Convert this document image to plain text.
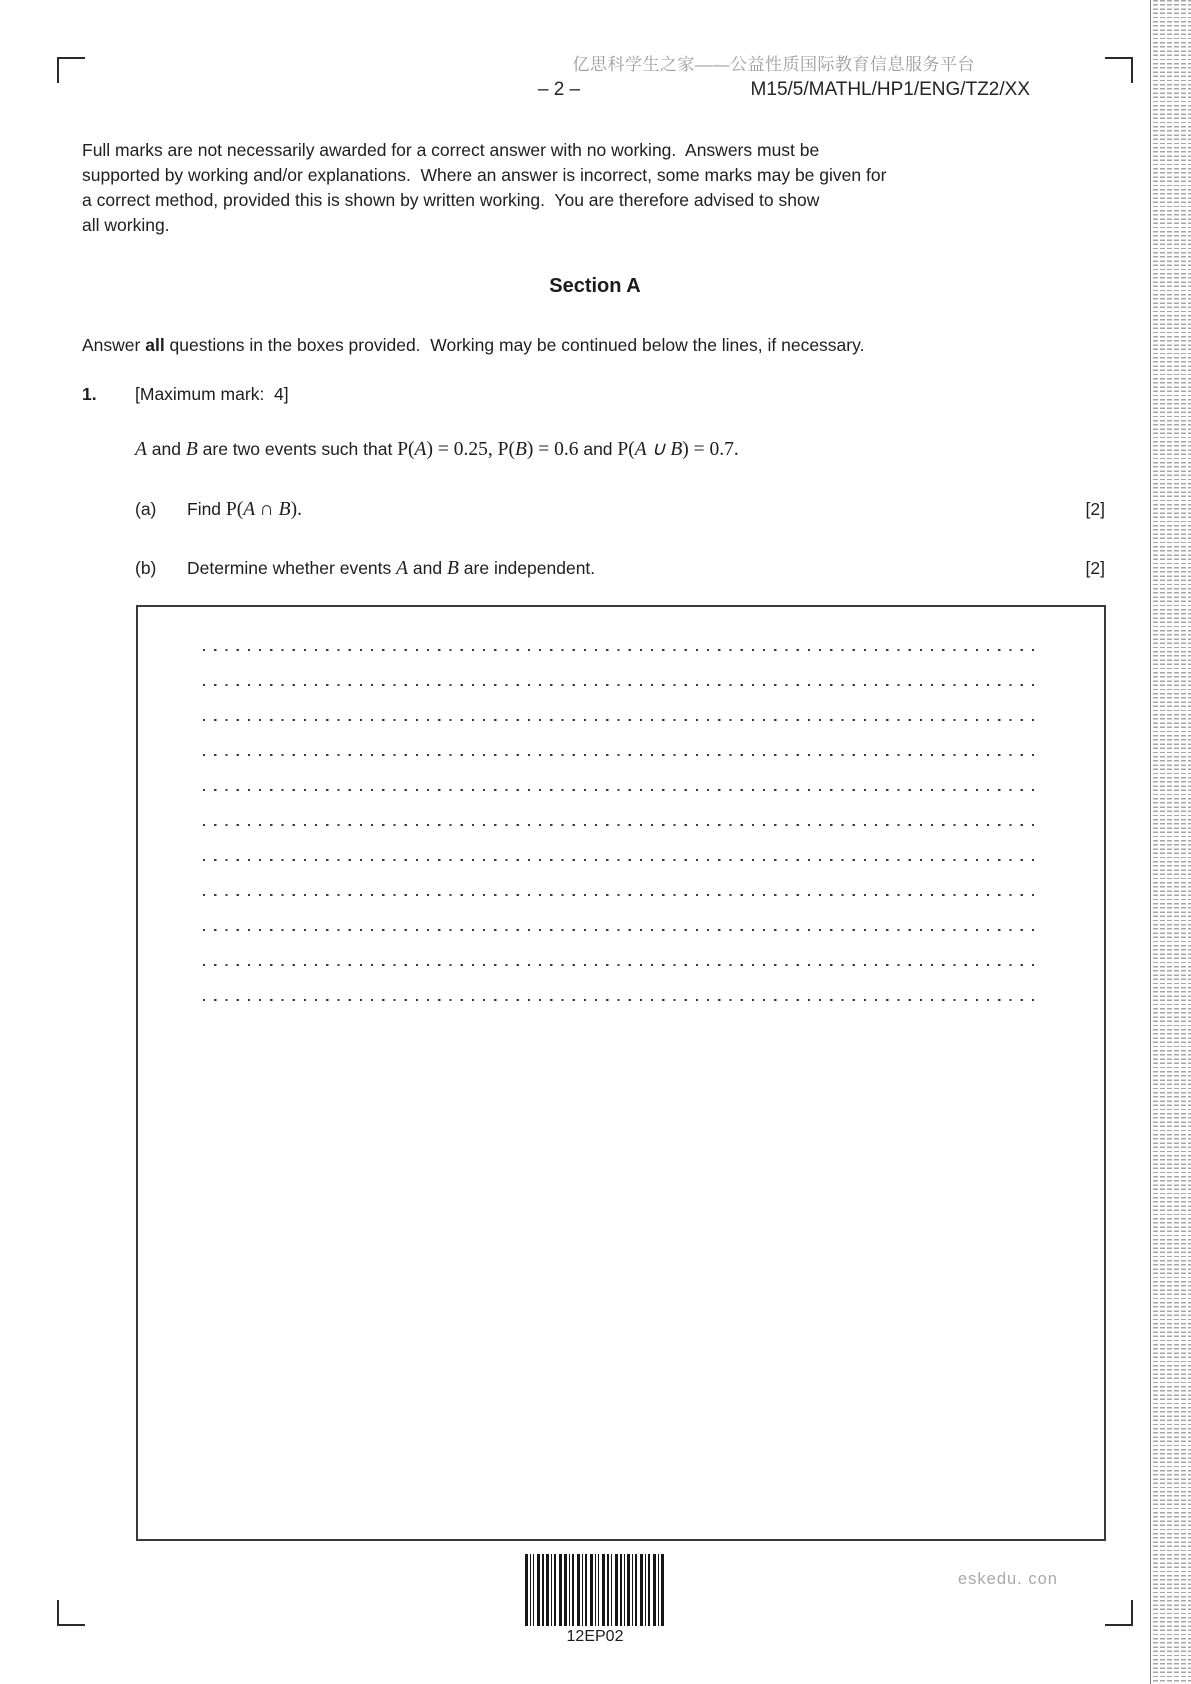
亿思科学生之家——公益性质国际教育信息服务平台
– 2 –	M15/5/MATHL/HP1/ENG/TZ2/XX
Full marks are not necessarily awarded for a correct answer with no working.  Answers must be
supported by working and/or explanations.  Where an answer is incorrect, some marks may be given for
a correct method, provided this is shown by written working.  You are therefore advised to show
all working.
Section A
Answer all questions in the boxes provided.  Working may be continued below the lines, if necessary.
1. [Maximum mark:  4]
A and B are two events such that P(A) = 0.25, P(B) = 0.6 and P(A ∪ B) = 0.7.
(a) Find P(A ∩ B).	[2]
(b) Determine whether events A and B are independent.	[2]
12EP02
eskedu. con
